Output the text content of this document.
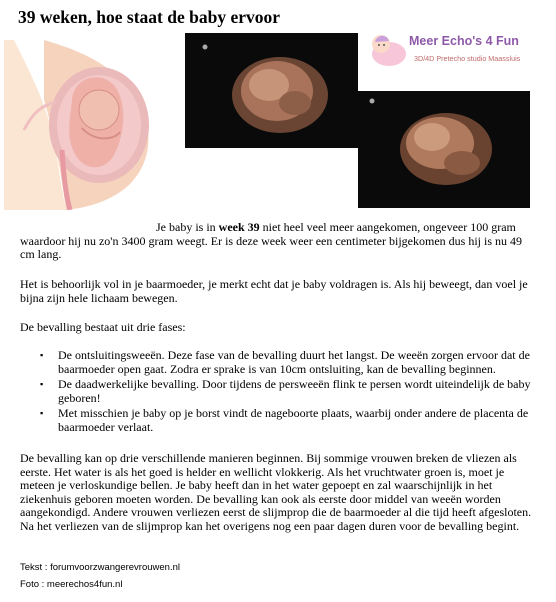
39 weken, hoe staat de baby ervoor
Meer Echo's 4 Fun
3D/4D Pretecho studio Maassluis

Je baby is in week 39 niet heel veel meer aangekomen, ongeveer 100 gram waardoor hij nu zo'n 3400 gram weegt. Er is deze week weer een centimeter bijgekomen dus hij is nu 49 cm lang.

Het is behoorlijk vol in je baarmoeder, je merkt echt dat je baby voldragen is. Als hij beweegt, dan voel je bijna zijn hele lichaam bewegen.

De bevalling bestaat uit drie fases:

▪ De ontsluitingsweeën. Deze fase van de bevalling duurt het langst. De weeën zorgen ervoor dat de baarmoeder open gaat. Zodra er sprake is van 10cm ontsluiting, kan de bevalling beginnen.
▪ De daadwerkelijke bevalling. Door tijdens de persweeën flink te persen wordt uiteindelijk de baby geboren!
▪ Met misschien je baby op je borst vindt de nageboorte plaats, waarbij onder andere de placenta de baarmoeder verlaat.

De bevalling kan op drie verschillende manieren beginnen. Bij sommige vrouwen breken de vliezen als eerste. Het water is als het goed is helder en wellicht vlokkerig. Als het vruchtwater groen is, moet je meteen je verloskundige bellen. Je baby heeft dan in het water gepoept en zal waarschijnlijk in het ziekenhuis geboren moeten worden. De bevalling kan ook als eerste door middel van weeën worden aangekondigd. Andere vrouwen verliezen eerst de slijmprop die de baarmoeder al die tijd heeft afgesloten. Na het verliezen van de slijmprop kan het overigens nog een paar dagen duren voor de bevalling begint.

Tekst : forumvoorzwangerevrouwen.nl
Foto : meerechos4fun.nl
